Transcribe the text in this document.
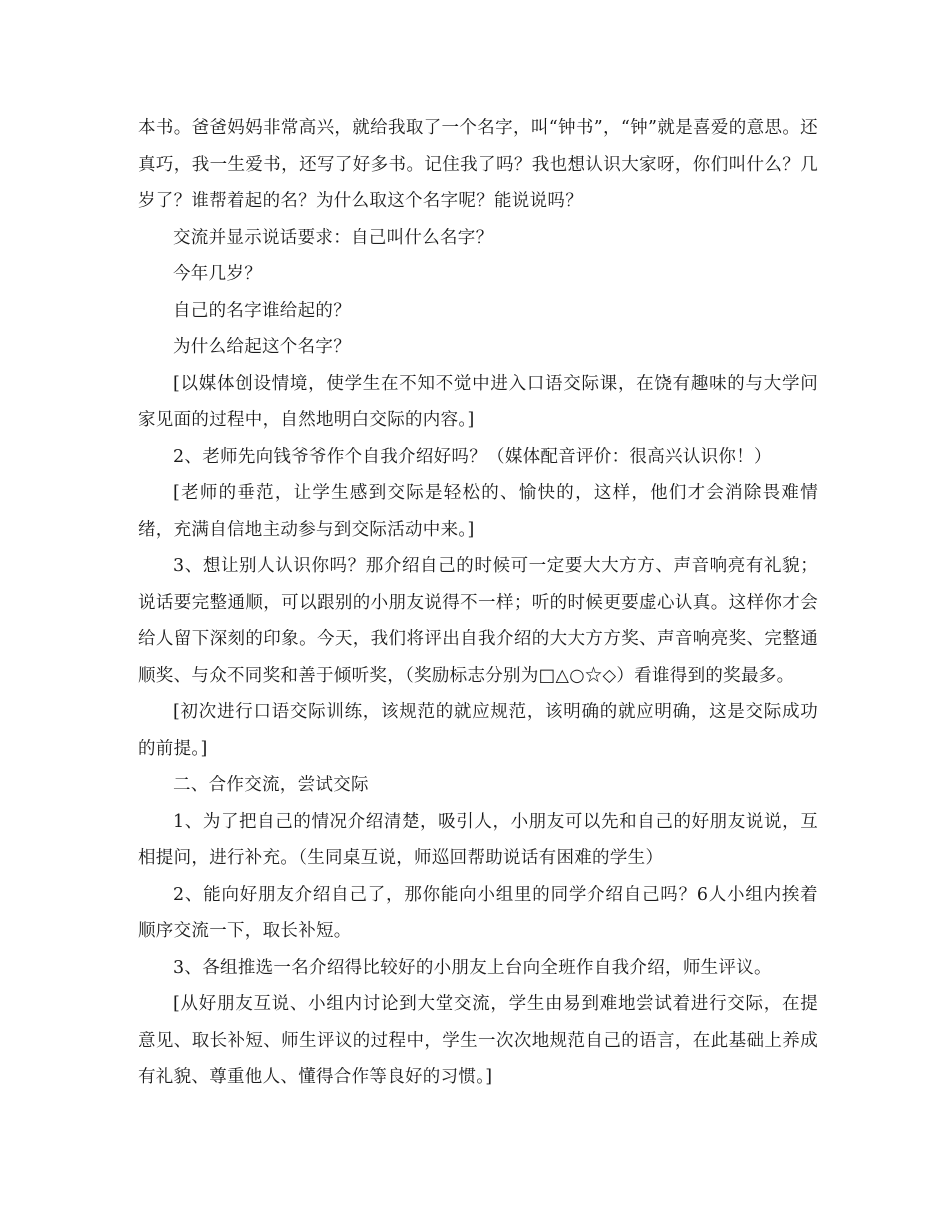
本书。爸爸妈妈非常高兴，就给我取了一个名字，叫“钟书”，“钟”就是喜爱的意思。还真巧，我一生爱书，还写了好多书。记住我了吗？我也想认识大家呀，你们叫什么？几岁了？谁帮着起的名？为什么取这个名字呢？能说说吗？

交流并显示说话要求：自己叫什么名字？

今年几岁？

自己的名字谁给起的？

为什么给起这个名字？

[以媒体创设情境，使学生在不知不觉中进入口语交际课，在饶有趣味的与大学问家见面的过程中，自然地明白交际的内容。]

2、老师先向钱爷爷作个自我介绍好吗？（媒体配音评价：很高兴认识你！）

[老师的垂范，让学生感到交际是轻松的、愉快的，这样，他们才会消除畏难情绪，充满自信地主动参与到交际活动中来。]

3、想让别人认识你吗？那介绍自己的时候可一定要大大方方、声音响亮有礼貌；说话要完整通顺，可以跟别的小朋友说得不一样；听的时候更要虚心认真。这样你才会给人留下深刻的印象。今天，我们将评出自我介绍的大大方方奖、声音响亮奖、完整通顺奖、与众不同奖和善于倾听奖，（奖励标志分别为□△○☆◇）看谁得到的奖最多。

[初次进行口语交际训练，该规范的就应规范，该明确的就应明确，这是交际成功的前提。]

二、合作交流，尝试交际

1、为了把自己的情况介绍清楚，吸引人，小朋友可以先和自己的好朋友说说，互相提问，进行补充。（生同桌互说，师巡回帮助说话有困难的学生）

2、能向好朋友介绍自己了，那你能向小组里的同学介绍自己吗？6人小组内挨着顺序交流一下，取长补短。

3、各组推选一名介绍得比较好的小朋友上台向全班作自我介绍，师生评议。

[从好朋友互说、小组内讨论到大堂交流，学生由易到难地尝试着进行交际，在提意见、取长补短、师生评议的过程中，学生一次次地规范自己的语言，在此基础上养成有礼貌、尊重他人、懂得合作等良好的习惯。]
